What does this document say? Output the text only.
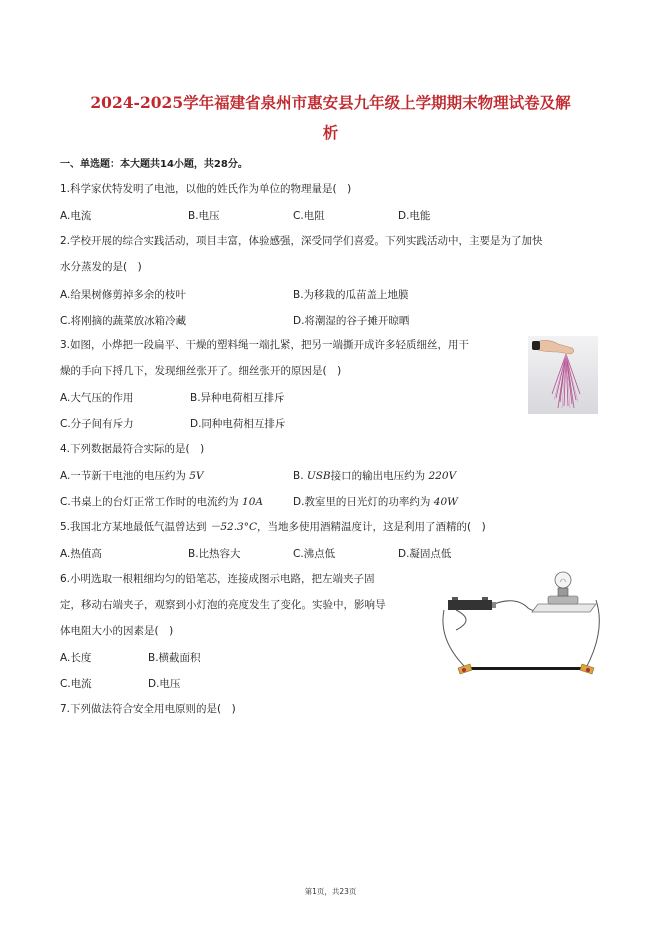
2024-2025学年福建省泉州市惠安县九年级上学期期末物理试卷及解
析
一、单选题：本大题共14小题，共28分。
1.科学家伏特发明了电池，以他的姓氏作为单位的物理量是(　)
A.电流	B.电压	C.电阻	D.电能
2.学校开展的综合实践活动，项目丰富，体验感强，深受同学们喜爱。下列实践活动中，主要是为了加快
水分蒸发的是(　)
A.给果树修剪掉多余的枝叶	B.为移栽的瓜苗盖上地膜
C.将刚摘的蔬菜放冰箱冷藏	D.将潮湿的谷子摊开晾晒
3.如图，小烨把一段扁平、干燥的塑料绳一端扎紧，把另一端撕开成许多轻质细丝，用干
燥的手向下捋几下，发现细丝张开了。细丝张开的原因是(　)
A.大气压的作用	B.异种电荷相互排斥
C.分子间有斥力	D.同种电荷相互排斥
4.下列数据最符合实际的是(　)
A.一节新干电池的电压约为 5V	B. USB接口的输出电压约为 220V
C.书桌上的台灯正常工作时的电流约为 10A	D.教室里的日光灯的功率约为 40W
5.我国北方某地最低气温曾达到 －52.3°C，当地多使用酒精温度计，这是利用了酒精的(　)
A.热值高	B.比热容大	C.沸点低	D.凝固点低
6.小明选取一根粗细均匀的铅笔芯，连接成图示电路，把左端夹子固
定，移动右端夹子，观察到小灯泡的亮度发生了变化。实验中，影响导
体电阻大小的因素是(　)
A.长度	B.横截面积
C.电流	D.电压
7.下列做法符合安全用电原则的是(　)
第1页，共23页
